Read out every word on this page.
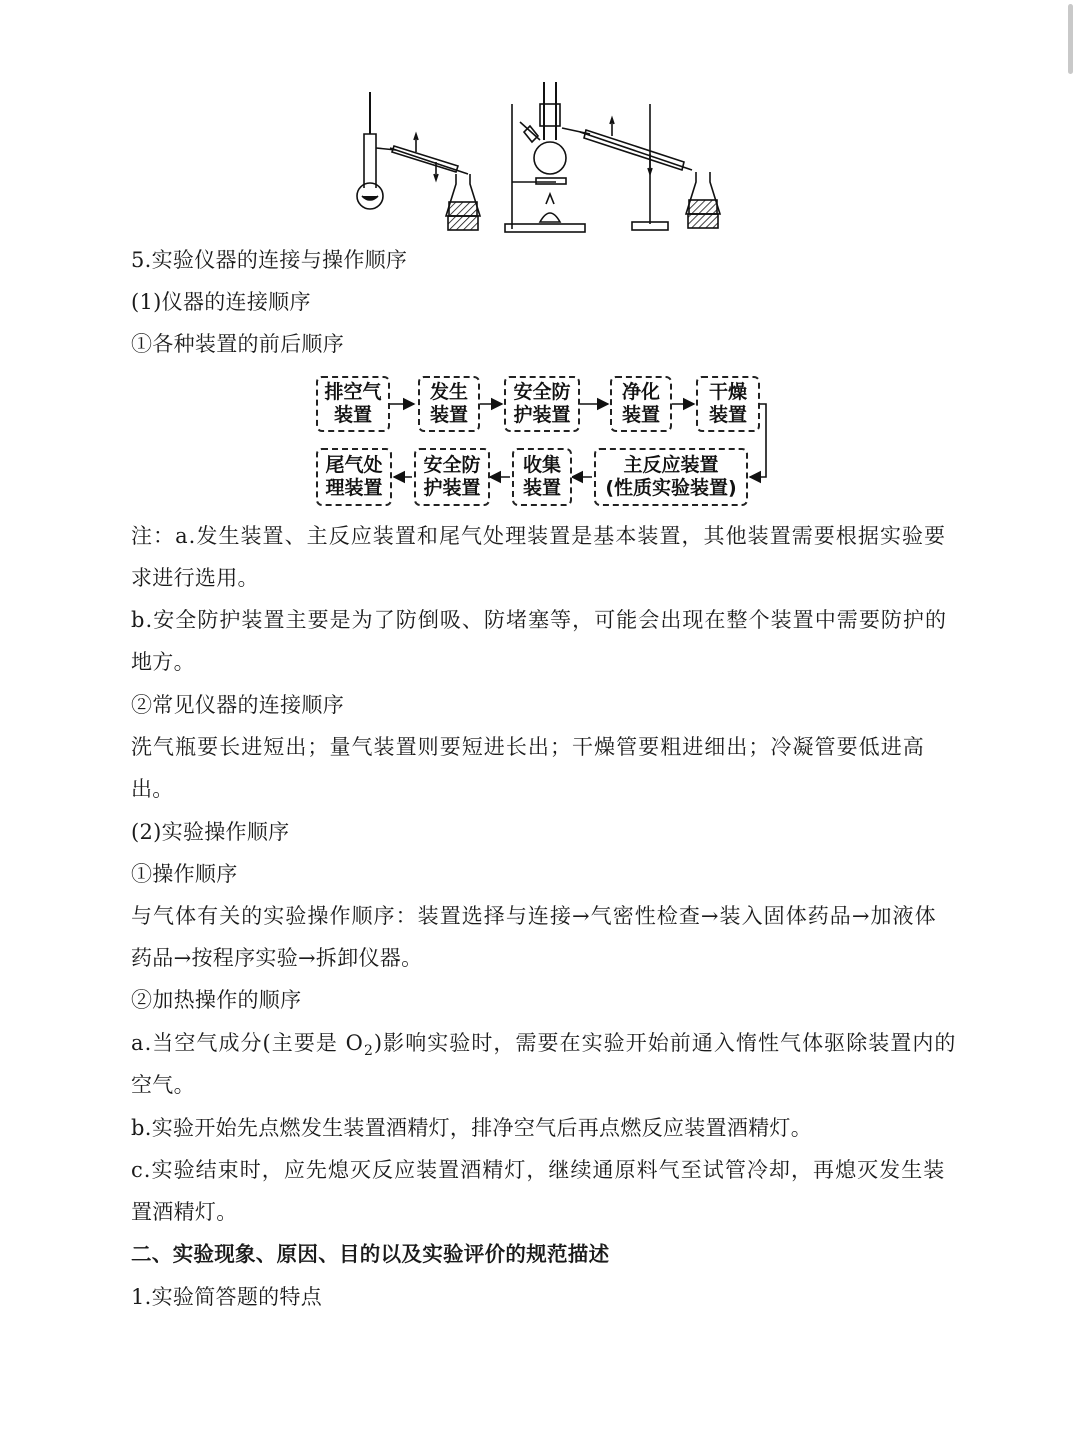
5.实验仪器的连接与操作顺序
(1)仪器的连接顺序
①各种装置的前后顺序
排空气
装置
发生
装置
安全防
护装置
净化
装置
干燥
装置
主反应装置
(性质实验装置)
收集
装置
安全防
护装置
尾气处
理装置
注：a.发生装置、主反应装置和尾气处理装置是基本装置，其他装置需要根据实验要
求进行选用。
b.安全防护装置主要是为了防倒吸、防堵塞等，可能会出现在整个装置中需要防护的
地方。
②常见仪器的连接顺序
洗气瓶要长进短出；量气装置则要短进长出；干燥管要粗进细出；冷凝管要低进高
出。
(2)实验操作顺序
①操作顺序
与气体有关的实验操作顺序：装置选择与连接→气密性检查→装入固体药品→加液体
药品→按程序实验→拆卸仪器。
②加热操作的顺序
a.当空气成分(主要是 $O_2$)影响实验时，需要在实验开始前通入惰性气体驱除装置内的
空气。
b.实验开始先点燃发生装置酒精灯，排净空气后再点燃反应装置酒精灯。
c.实验结束时，应先熄灭反应装置酒精灯，继续通原料气至试管冷却，再熄灭发生装
置酒精灯。
二、实验现象、原因、目的以及实验评价的规范描述
1.实验简答题的特点
